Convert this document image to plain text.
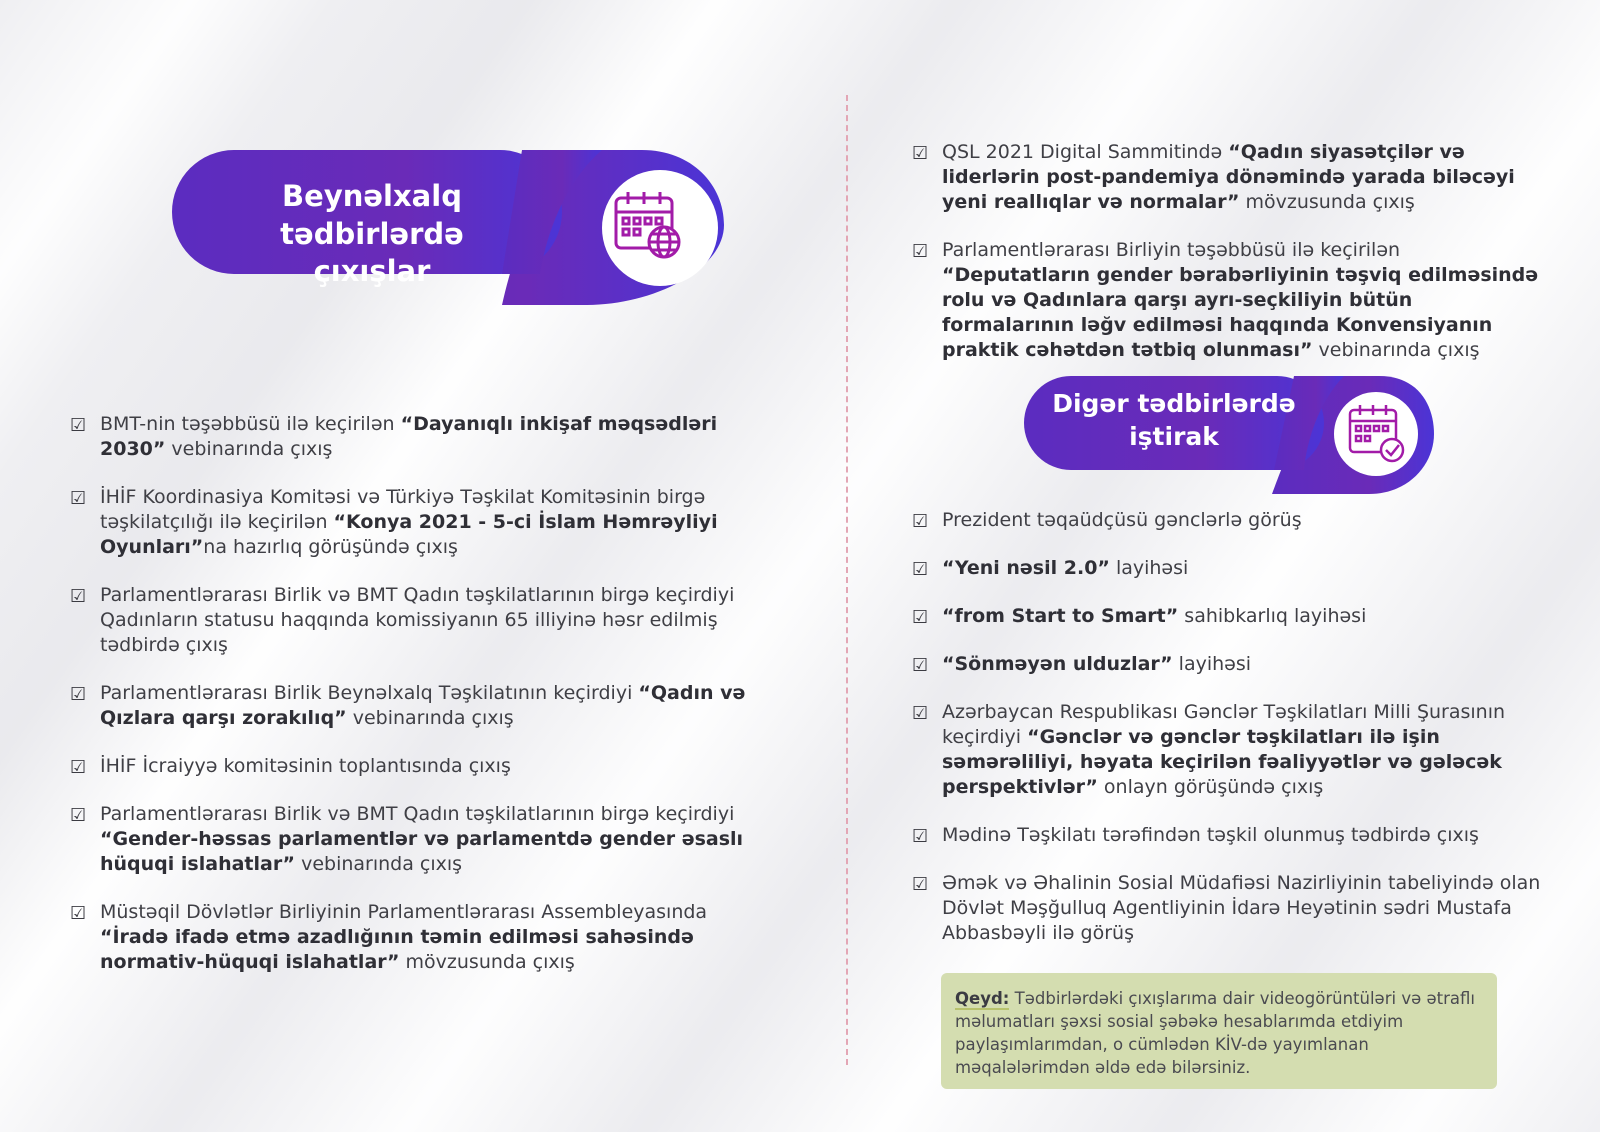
Beynəlxalq tədbirlərdə
çıxışlar
Digər tədbirlərdə
iştirak
☑ BMT-nin təşəbbüsü ilə keçirilən “Dayanıqlı inkişaf məqsədləri 2030” vebinarında çıxış
☑ İHİF Koordinasiya Komitəsi və Türkiyə Təşkilat Komitəsinin birgə təşkilatçılığı ilə keçirilən “Konya 2021 - 5-ci İslam Həmrəyliyi Oyunları”na hazırlıq görüşündə çıxış
☑ Parlamentlərarası Birlik və BMT Qadın təşkilatlarının birgə keçirdiyi Qadınların statusu haqqında komissiyanın 65 illiyinə həsr edilmiş tədbirdə çıxış
☑ Parlamentlərarası Birlik Beynəlxalq Təşkilatının keçirdiyi “Qadın və Qızlara qarşı zorakılıq” vebinarında çıxış
☑ İHİF İcraiyyə komitəsinin toplantısında çıxış
☑ Parlamentlərarası Birlik və BMT Qadın təşkilatlarının birgə keçirdiyi “Gender-həssas parlamentlər və parlamentdə gender əsaslı hüquqi islahatlar” vebinarında çıxış
☑ Müstəqil Dövlətlər Birliyinin Parlamentlərarası Assembleyasında “İradə ifadə etmə azadlığının təmin edilməsi sahəsində normativ-hüquqi islahatlar” mövzusunda çıxış
☑ QSL 2021 Digital Sammitində “Qadın siyasətçilər və liderlərin post-pandemiya dönəmində yarada biləcəyi yeni reallıqlar və normalar” mövzusunda çıxış
☑ Parlamentlərarası Birliyin təşəbbüsü ilə keçirilən “Deputatların gender bərabərliyinin təşviq edilməsində rolu və Qadınlara qarşı ayrı-seçkiliyin bütün formalarının ləğv edilməsi haqqında Konvensiyanın praktik cəhətdən tətbiq olunması” vebinarında çıxış
☑ Prezident təqaüdçüsü gənclərlə görüş
☑ “Yeni nəsil 2.0” layihəsi
☑ “from Start to Smart” sahibkarlıq layihəsi
☑ “Sönməyən ulduzlar” layihəsi
☑ Azərbaycan Respublikası Gənclər Təşkilatları Milli Şurasının keçirdiyi “Gənclər və gənclər təşkilatları ilə işin səmərəliliyi, həyata keçirilən fəaliyyətlər və gələcək perspektivlər” onlayn görüşündə çıxış
☑ Mədinə Təşkilatı tərəfindən təşkil olunmuş tədbirdə çıxış
☑ Əmək və Əhalinin Sosial Müdafiəsi Nazirliyinin tabeliyində olan Dövlət Məşğulluq Agentliyinin İdarə Heyətinin sədri Mustafa Abbasbəyli ilə görüş
Qeyd: Tədbirlərdəki çıxışlarıma dair videogörüntüləri və ətraflı məlumatları şəxsi sosial şəbəkə hesablarımda etdiyim paylaşımlarımdan, o cümlədən KİV-də yayımlanan məqalələrimdən əldə edə bilərsiniz.
